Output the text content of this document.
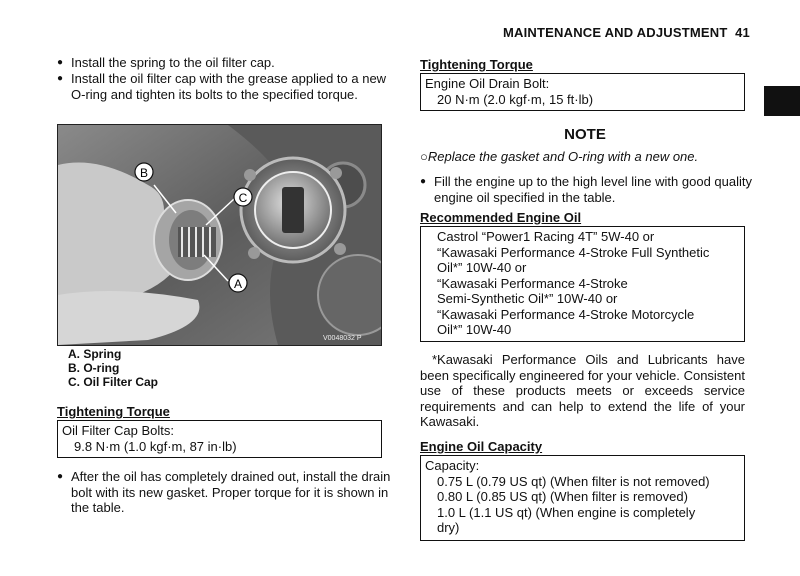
MAINTENANCE AND ADJUSTMENT 41
● Install the spring to the oil filter cap.
● Install the oil filter cap with the grease applied to a new O-ring and tighten its bolts to the specified torque.
B
C
A
V0048032 P
A. Spring
B. O-ring
C. Oil Filter Cap
Tightening Torque
Oil Filter Cap Bolts:
9.8 N·m (1.0 kgf·m, 87 in·lb)
● After the oil has completely drained out, install the drain bolt with its new gasket. Proper torque for it is shown in the table.
Tightening Torque
Engine Oil Drain Bolt:
20 N·m (2.0 kgf·m, 15 ft·lb)
NOTE
○Replace the gasket and O-ring with a new one.
● Fill the engine up to the high level line with good quality engine oil specified in the table.
Recommended Engine Oil
Castrol “Power1 Racing 4T” 5W-40 or
“Kawasaki Performance 4-Stroke Full Synthetic
Oil*” 10W-40 or
“Kawasaki Performance 4-Stroke
Semi-Synthetic Oil*” 10W-40 or
“Kawasaki Performance 4-Stroke Motorcycle
Oil*” 10W-40
*Kawasaki Performance Oils and Lubricants have been specifically engineered for your vehicle. Consistent use of these products meets or exceeds service requirements and can help to extend the life of your Kawasaki.
Engine Oil Capacity
Capacity:
0.75 L (0.79 US qt) (When filter is not removed)
0.80 L (0.85 US qt) (When filter is removed)
1.0 L (1.1 US qt) (When engine is completely
dry)
